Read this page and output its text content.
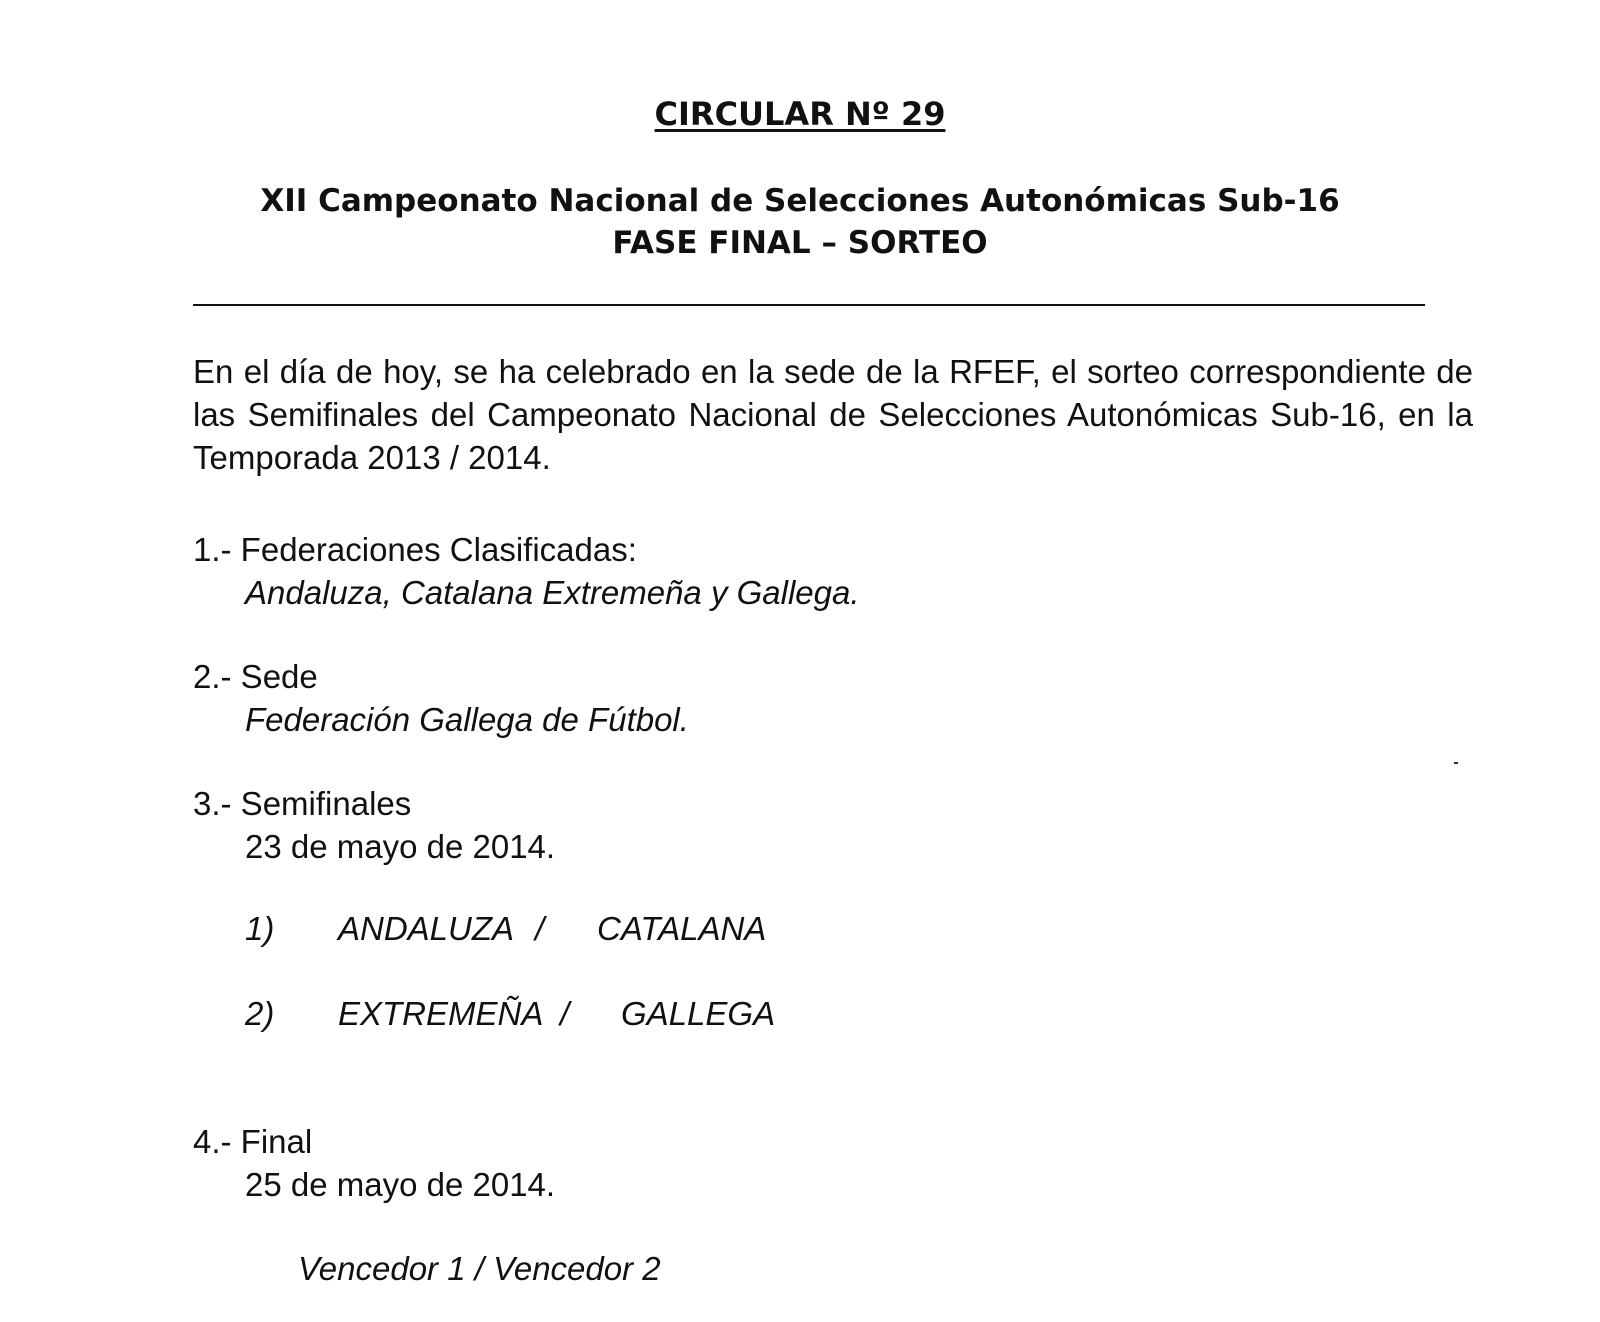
CIRCULAR Nº 29
XII Campeonato Nacional de Selecciones Autonómicas Sub-16
FASE FINAL – SORTEO
En el día de hoy, se ha celebrado en la sede de la RFEF, el sorteo correspondiente de las Semifinales del Campeonato Nacional de Selecciones Autonómicas Sub-16, en la Temporada 2013 / 2014.
1.- Federaciones Clasificadas:
Andaluza, Catalana Extremeña y Gallega.
2.- Sede
Federación Gallega de Fútbol.
3.- Semifinales
23 de mayo de 2014.
1) ANDALUZA / CATALANA
2) EXTREMEÑA / GALLEGA
4.- Final
25 de mayo de 2014.
Vencedor 1 / Vencedor 2
